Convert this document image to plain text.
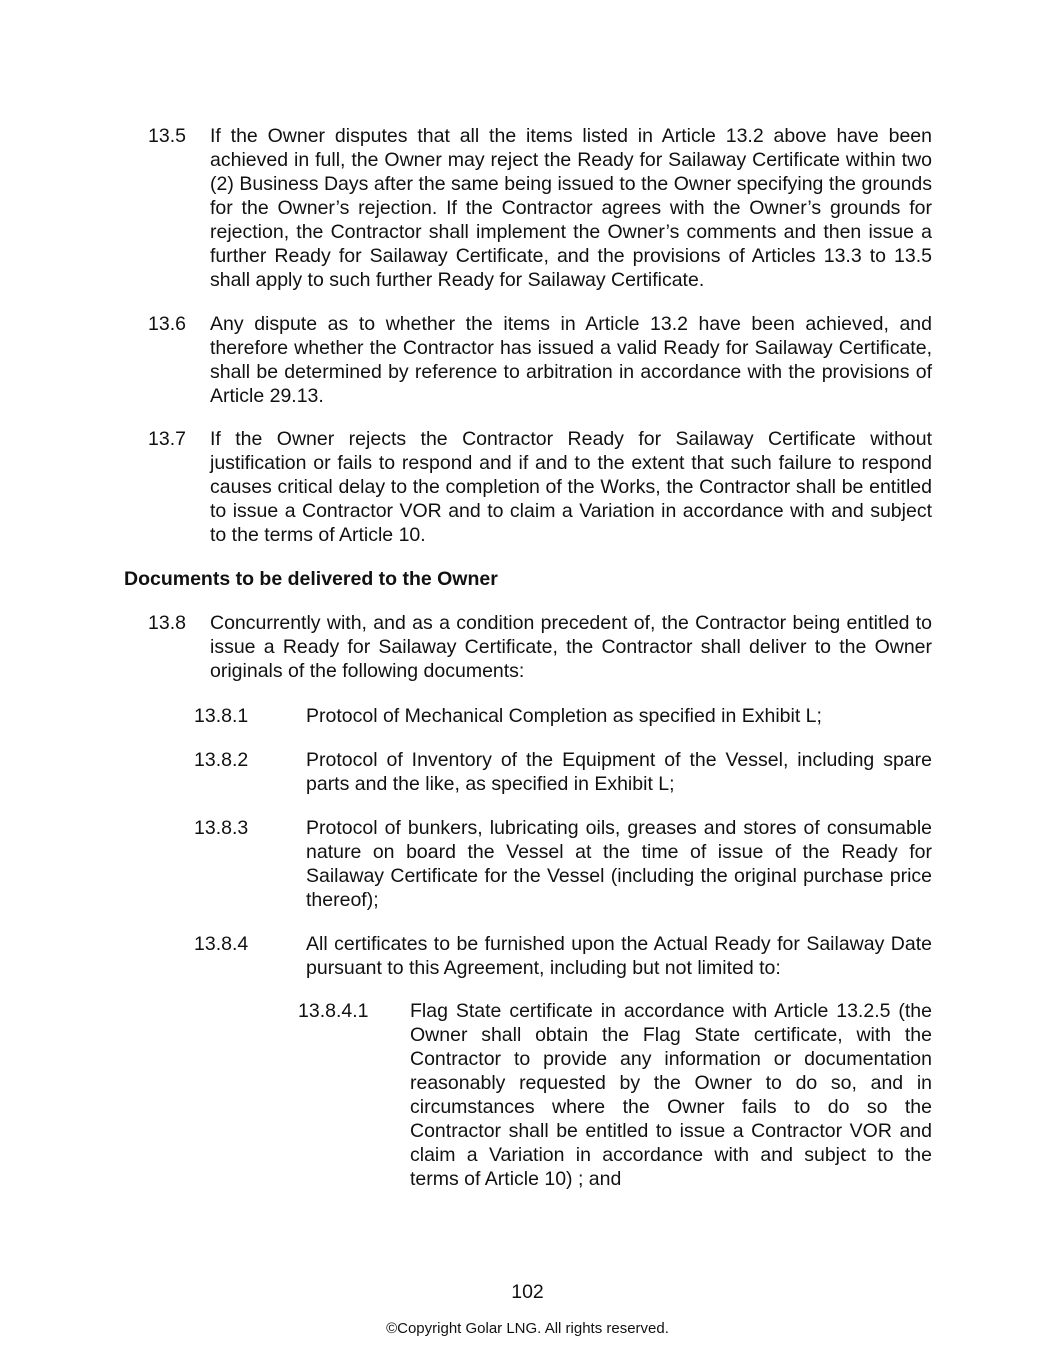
13.5 If the Owner disputes that all the items listed in Article 13.2 above have been achieved in full, the Owner may reject the Ready for Sailaway Certificate within two (2) Business Days after the same being issued to the Owner specifying the grounds for the Owner’s rejection. If the Contractor agrees with the Owner’s grounds for rejection, the Contractor shall implement the Owner’s comments and then issue a further Ready for Sailaway Certificate, and the provisions of Articles 13.3 to 13.5 shall apply to such further Ready for Sailaway Certificate.
13.6 Any dispute as to whether the items in Article 13.2 have been achieved, and therefore whether the Contractor has issued a valid Ready for Sailaway Certificate, shall be determined by reference to arbitration in accordance with the provisions of Article 29.13.
13.7 If the Owner rejects the Contractor Ready for Sailaway Certificate without justification or fails to respond and if and to the extent that such failure to respond causes critical delay to the completion of the Works, the Contractor shall be entitled to issue a Contractor VOR and to claim a Variation in accordance with and subject to the terms of Article 10.
Documents to be delivered to the Owner
13.8 Concurrently with, and as a condition precedent of, the Contractor being entitled to issue a Ready for Sailaway Certificate, the Contractor shall deliver to the Owner originals of the following documents:
13.8.1	Protocol of Mechanical Completion as specified in Exhibit L;
13.8.2	Protocol of Inventory of the Equipment of the Vessel, including spare parts and the like, as specified in Exhibit L;
13.8.3	Protocol of bunkers, lubricating oils, greases and stores of consumable nature on board the Vessel at the time of issue of the Ready for Sailaway Certificate for the Vessel (including the original purchase price thereof);
13.8.4	All certificates to be furnished upon the Actual Ready for Sailaway Date pursuant to this Agreement, including but not limited to:
13.8.4.1 Flag State certificate in accordance with Article 13.2.5 (the Owner shall obtain the Flag State certificate, with the Contractor to provide any information or documentation reasonably requested by the Owner to do so, and in circumstances where the Owner fails to do so the Contractor shall be entitled to issue a Contractor VOR and claim a Variation in accordance with and subject to the terms of Article 10) ; and
102
©Copyright Golar LNG. All rights reserved.
